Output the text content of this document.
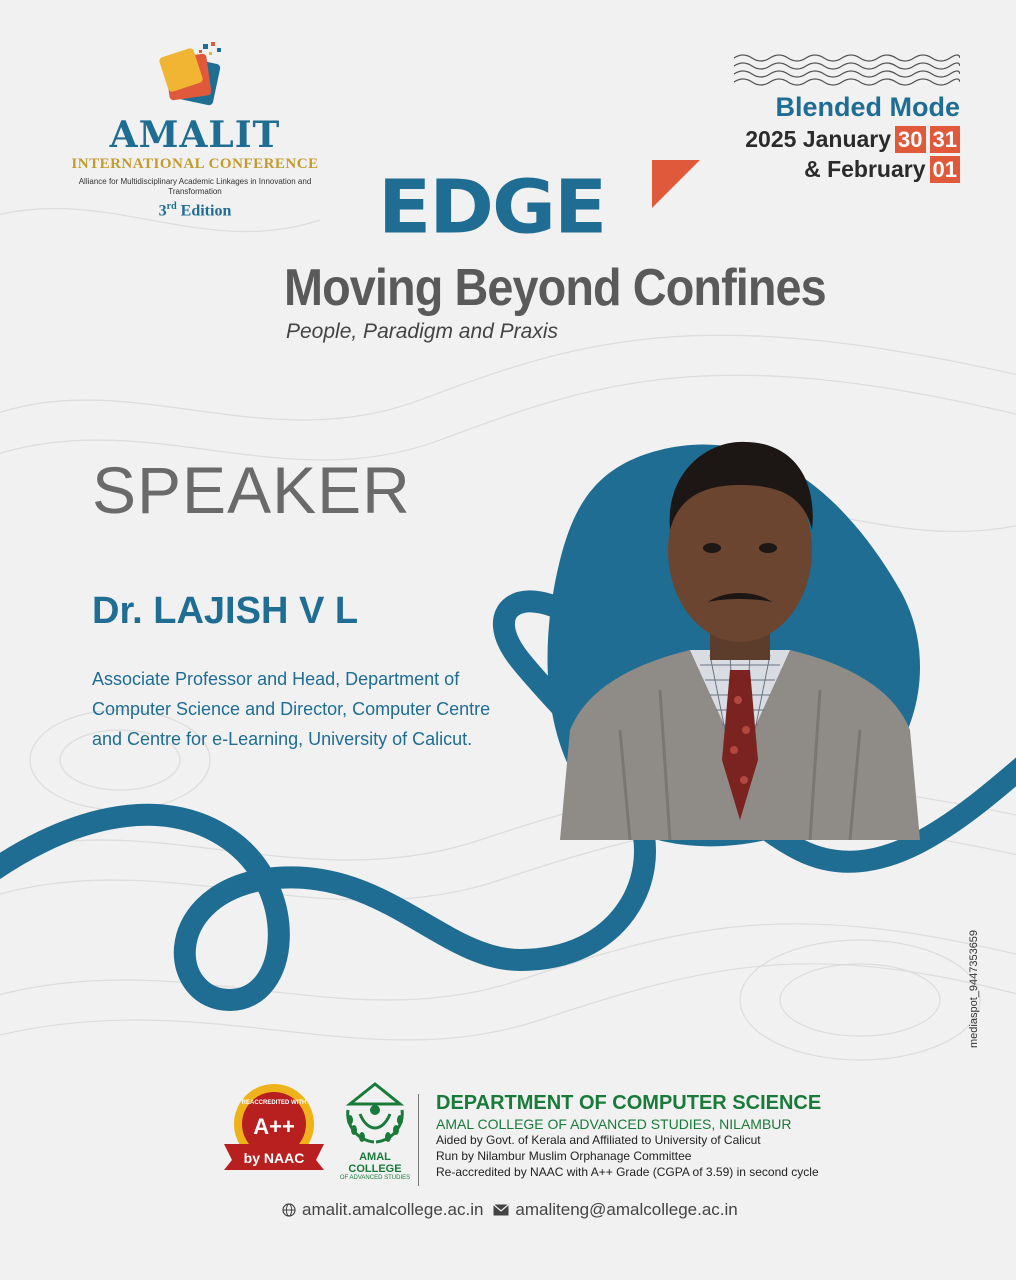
AMALIT
INTERNATIONAL CONFERENCE
Alliance for Multidisciplinary Academic Linkages in Innovation and Transformation
3rd Edition
Blended Mode
2025 January 30 31
& February 01
EDGE
Moving Beyond Confines
People, Paradigm and Praxis
SPEAKER
Dr. LAJISH V L

Associate Professor and Head, Department of

Computer Science and Director, Computer Centre

and Centre for e-Learning, University of Calicut.

mediaspot_9447353659
REACCREDITED WITH
A++
by NAAC	AMAL COLLEGE
OF ADVANCED STUDIES
DEPARTMENT OF COMPUTER SCIENCE
AMAL COLLEGE OF ADVANCED STUDIES, NILAMBUR
Aided by Govt. of Kerala and Affiliated to University of Calicut
Run by Nilambur Muslim Orphanage Committee
Re-accredited by NAAC with A++ Grade (CGPA of 3.59) in second cycle
amalit.amalcollege.ac.in amaliteng@amalcollege.ac.in
